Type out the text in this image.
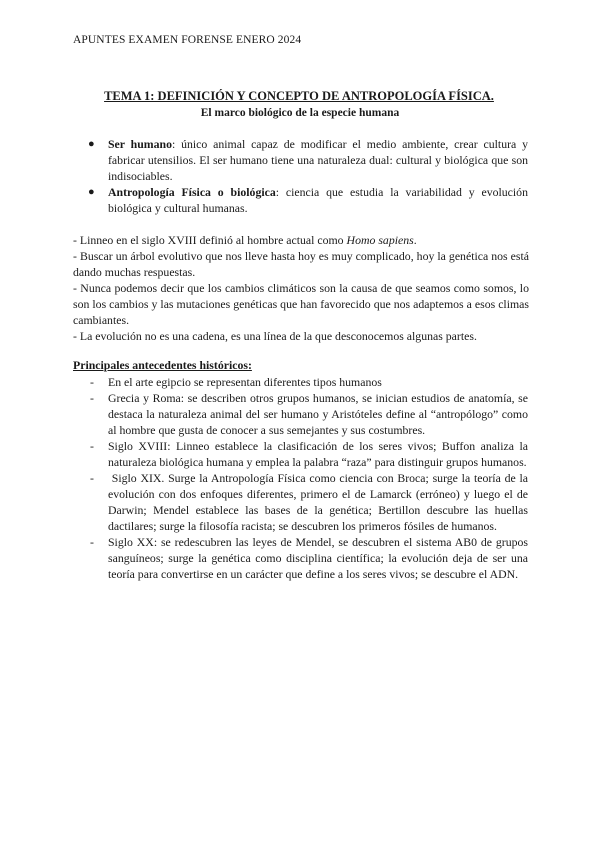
APUNTES EXAMEN FORENSE ENERO 2024

TEMA 1: DEFINICIÓN Y CONCEPTO DE ANTROPOLOGÍA FÍSICA.

El marco biológico de la especie humana

● Ser humano: único animal capaz de modificar el medio ambiente, crear cultura y fabricar utensilios. El ser humano tiene una naturaleza dual: cultural y biológica que son indisociables.
● Antropología Física o biológica: ciencia que estudia la variabilidad y evolución biológica y cultural humanas.

- Linneo en el siglo XVIII definió al hombre actual como Homo sapiens.

- Buscar un árbol evolutivo que nos lleve hasta hoy es muy complicado, hoy la genética nos está dando muchas respuestas.

- Nunca podemos decir que los cambios climáticos son la causa de que seamos como somos, lo son los cambios y las mutaciones genéticas que han favorecido que nos adaptemos a esos climas cambiantes.

- La evolución no es una cadena, es una línea de la que desconocemos algunas partes.

Principales antecedentes históricos:
- En el arte egipcio se representan diferentes tipos humanos
- Grecia y Roma: se describen otros grupos humanos, se inician estudios de anatomía, se destaca la naturaleza animal del ser humano y Aristóteles define al “antropólogo” como al hombre que gusta de conocer a sus semejantes y sus costumbres.
- Siglo XVIII: Linneo establece la clasificación de los seres vivos; Buffon analiza la naturaleza biológica humana y emplea la palabra “raza” para distinguir grupos humanos.
- Siglo XIX. Surge la Antropología Física como ciencia con Broca; surge la teoría de la evolución con dos enfoques diferentes, primero el de Lamarck (erróneo) y luego el de Darwin; Mendel establece las bases de la genética; Bertillon descubre las huellas dactilares; surge la filosofía racista; se descubren los primeros fósiles de humanos.
- Siglo XX: se redescubren las leyes de Mendel, se descubren el sistema AB0 de grupos sanguíneos; surge la genética como disciplina científica; la evolución deja de ser una teoría para convertirse en un carácter que define a los seres vivos; se descubre el ADN.
